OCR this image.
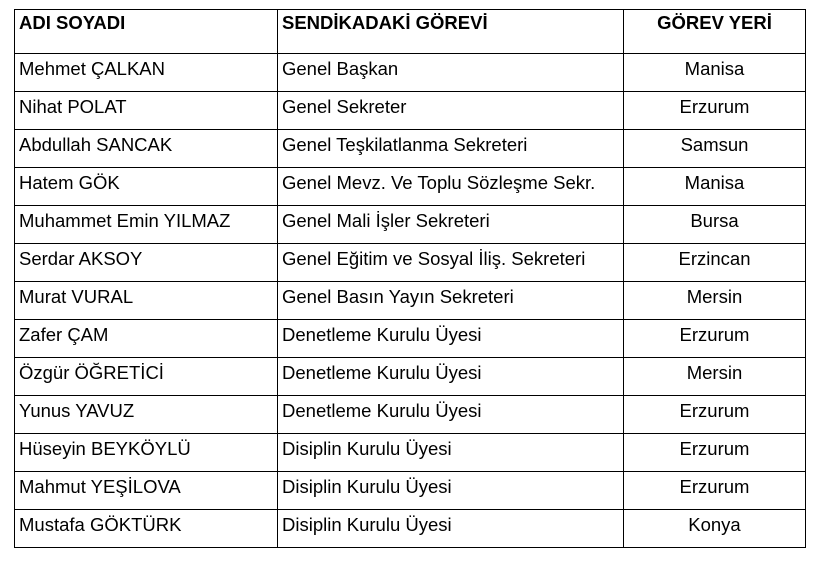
ADI SOYADI	SENDİKADAKİ GÖREVİ	GÖREV YERİ
Mehmet ÇALKAN	Genel Başkan	Manisa
Nihat POLAT	Genel Sekreter	Erzurum
Abdullah SANCAK	Genel Teşkilatlanma Sekreteri	Samsun
Hatem GÖK	Genel Mevz. Ve Toplu Sözleşme Sekr.	Manisa
Muhammet Emin YILMAZ	Genel Mali İşler Sekreteri	Bursa
Serdar AKSOY	Genel Eğitim ve Sosyal İliş. Sekreteri	Erzincan
Murat VURAL	Genel Basın Yayın Sekreteri	Mersin
Zafer ÇAM	Denetleme Kurulu Üyesi	Erzurum
Özgür ÖĞRETİCİ	Denetleme Kurulu Üyesi	Mersin
Yunus YAVUZ	Denetleme Kurulu Üyesi	Erzurum
Hüseyin BEYKÖYLÜ	Disiplin Kurulu Üyesi	Erzurum
Mahmut YEŞİLOVA	Disiplin Kurulu Üyesi	Erzurum
Mustafa GÖKTÜRK	Disiplin Kurulu Üyesi	Konya
